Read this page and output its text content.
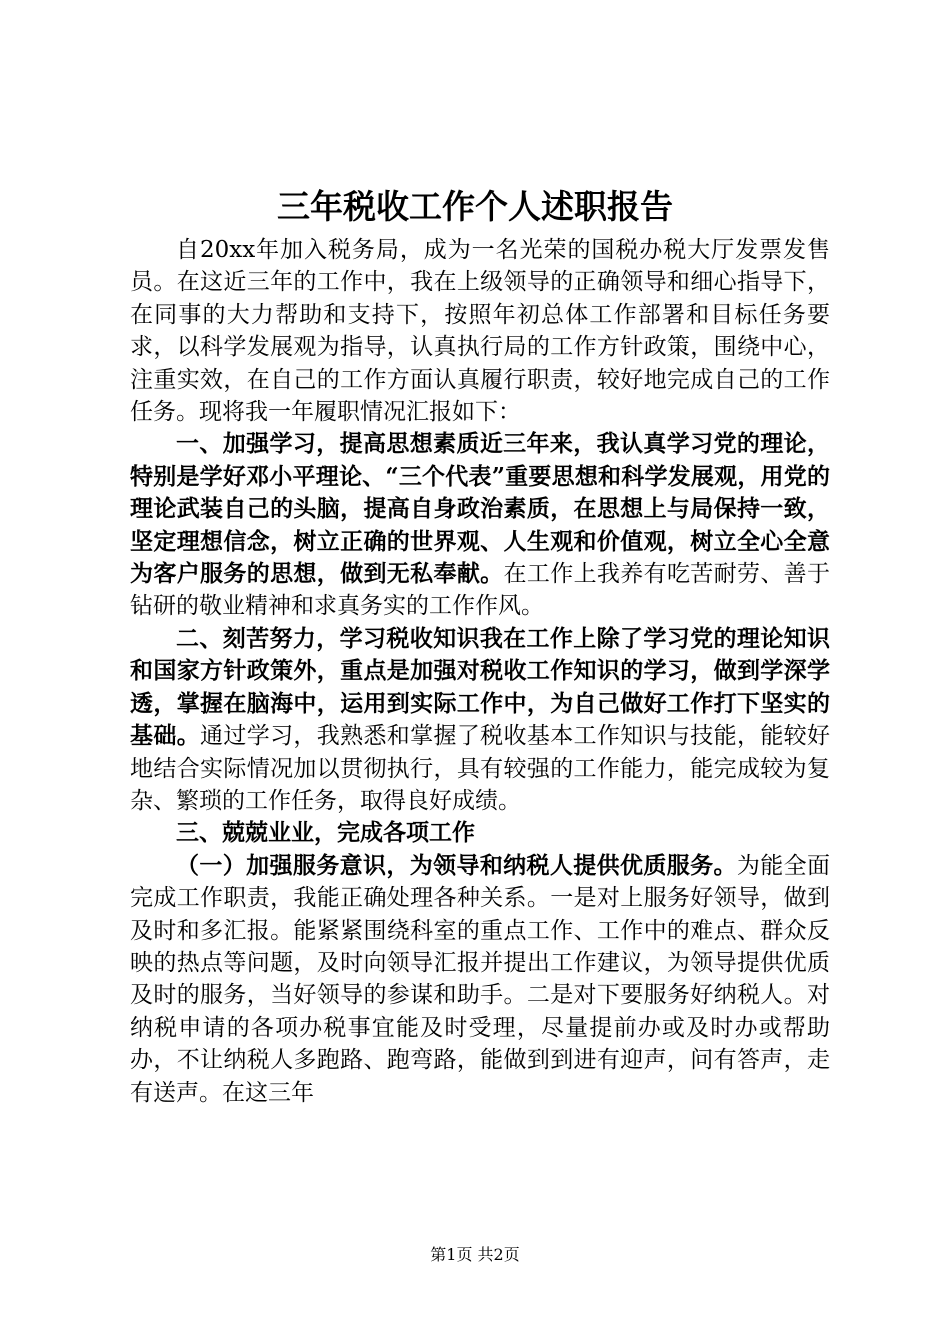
三年税收工作个人述职报告

自20xx年加入税务局，成为一名光荣的国税办税大厅发票发售员。在这近三年的工作中，我在上级领导的正确领导和细心指导下，在同事的大力帮助和支持下，按照年初总体工作部署和目标任务要求，以科学发展观为指导，认真执行局的工作方针政策，围绕中心，注重实效，在自己的工作方面认真履行职责，较好地完成自己的工作任务。现将我一年履职情况汇报如下：

一、加强学习，提高思想素质近三年来，我认真学习党的理论，特别是学好邓小平理论、“三个代表”重要思想和科学发展观，用党的理论武装自己的头脑，提高自身政治素质，在思想上与局保持一致，坚定理想信念，树立正确的世界观、人生观和价值观，树立全心全意为客户服务的思想，做到无私奉献。在工作上我养有吃苦耐劳、善于钻研的敬业精神和求真务实的工作作风。

二、刻苦努力，学习税收知识我在工作上除了学习党的理论知识和国家方针政策外，重点是加强对税收工作知识的学习，做到学深学透，掌握在脑海中，运用到实际工作中，为自己做好工作打下坚实的基础。通过学习，我熟悉和掌握了税收基本工作知识与技能，能较好地结合实际情况加以贯彻执行，具有较强的工作能力，能完成较为复杂、繁琐的工作任务，取得良好成绩。

三、兢兢业业，完成各项工作

（一）加强服务意识，为领导和纳税人提供优质服务。为能全面完成工作职责，我能正确处理各种关系。一是对上服务好领导，做到及时和多汇报。能紧紧围绕科室的重点工作、工作中的难点、群众反映的热点等问题，及时向领导汇报并提出工作建议，为领导提供优质及时的服务，当好领导的参谋和助手。二是对下要服务好纳税人。对纳税申请的各项办税事宜能及时受理，尽量提前办或及时办或帮助办，不让纳税人多跑路、跑弯路，能做到到进有迎声，问有答声，走有送声。在这三年

第1页 共2页
